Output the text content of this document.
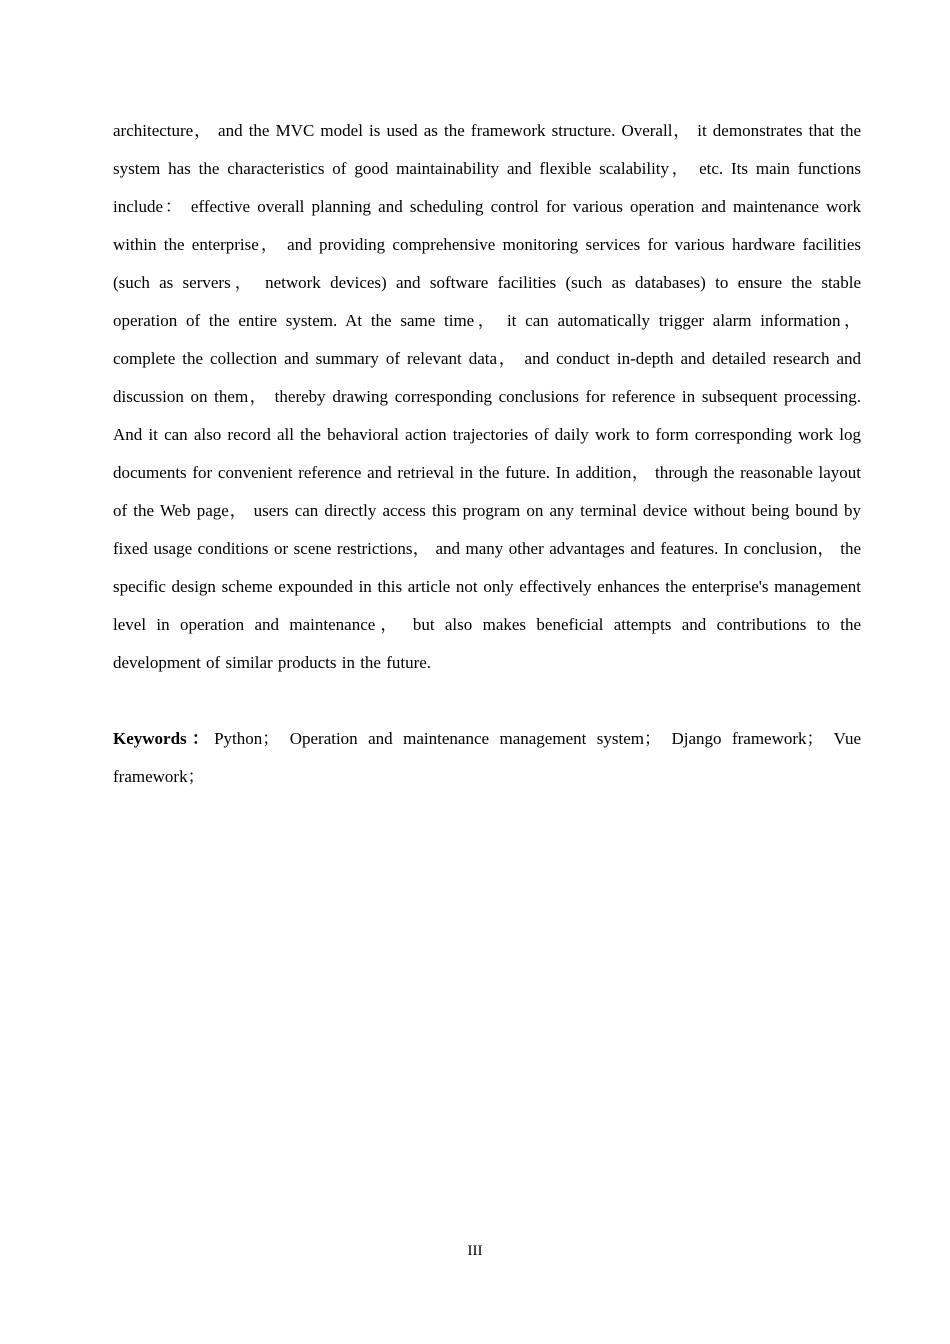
architecture， and the MVC model is used as the framework structure. Overall， it demonstrates that the system has the characteristics of good maintainability and flexible scalability， etc. Its main functions include： effective overall planning and scheduling control for various operation and maintenance work within the enterprise， and providing comprehensive monitoring services for various hardware facilities (such as servers， network devices) and software facilities (such as databases) to ensure the stable operation of the entire system. At the same time， it can automatically trigger alarm information， complete the collection and summary of relevant data， and conduct in-depth and detailed research and discussion on them， thereby drawing corresponding conclusions for reference in subsequent processing. And it can also record all the behavioral action trajectories of daily work to form corresponding work log documents for convenient reference and retrieval in the future. In addition， through the reasonable layout of the Web page， users can directly access this program on any terminal device without being bound by fixed usage conditions or scene restrictions， and many other advantages and features. In conclusion， the specific design scheme expounded in this article not only effectively enhances the enterprise's management level in operation and maintenance， but also makes beneficial attempts and contributions to the development of similar products in the future.

Keywords：Python； Operation and maintenance management system； Django framework； Vue framework；

III
